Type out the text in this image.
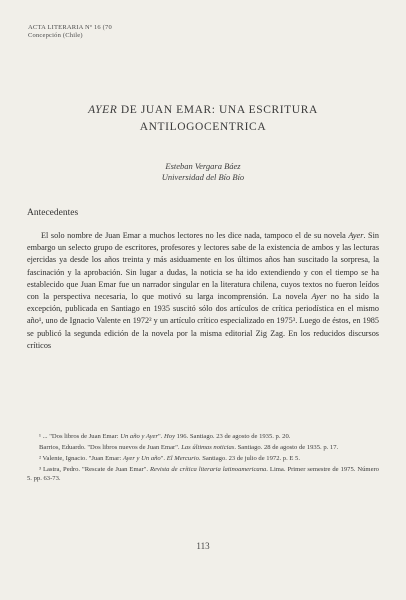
ACTA LITERARIA Nº 16 (70
Concepción (Chile)
AYER DE JUAN EMAR: UNA ESCRITURA
ANTILOGOCENTRICA
Esteban Vergara Báez
Universidad del Bío Bío
Antecedentes

El solo nombre de Juan Emar a muchos lectores no les dice nada, tampoco el de su novela Ayer. Sin embargo un selecto grupo de escritores, profesores y lectores sabe de la existencia de ambos y las lecturas ejercidas ya desde los años treinta y más asiduamente en los últimos años han suscitado la sorpresa, la fascinación y la aprobación. Sin lugar a dudas, la noticia se ha ido extendiendo y con el tiempo se ha establecido que Juan Emar fue un narrador singular en la literatura chilena, cuyos textos no fueron leídos con la perspectiva necesaria, lo que motivó su larga incomprensión. La novela Ayer no ha sido la excepción, publicada en Santiago en 1935 suscitó sólo dos artículos de crítica periodística en el mismo año¹, uno de Ignacio Valente en 1972² y un artículo crítico especializado en 1975³. Luego de éstos, en 1985 se publicó la segunda edición de la novela por la misma editorial Zig Zag. En los reducidos discursos críticos

¹ ... "Dos libros de Juan Emar: Un año y Ayer". Hoy 196. Santiago. 23 de agosto de 1935. p. 20.

Barrios, Eduardo. "Dos libros nuevos de Juan Emar". Las últimas noticias. Santiago. 28 de agosto de 1935. p. 17.

² Valente, Ignacio. "Juan Emar: Ayer y Un año". El Mercurio. Santiago. 23 de julio de 1972. p. E 5.

³ Lastra, Pedro. "Rescate de Juan Emar". Revista de crítica literaria latinoamericana. Lima. Primer semestre de 1975. Número 5. pp. 63-73.

113
